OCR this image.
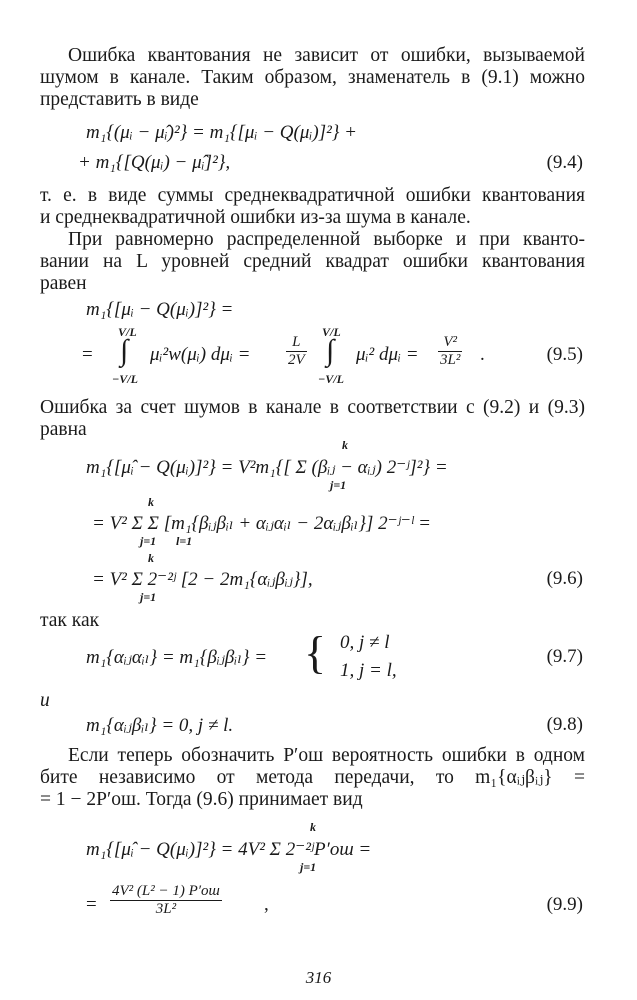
Ошибка квантования не зависит от ошибки, вызываемой
шумом в канале. Таким образом, знаменатель в (9.1) можно
представить в виде
m₁{(μᵢ − μ̂ᵢ)²} = m₁{[μᵢ − Q(μᵢ)]²} +
+ m₁{[Q(μᵢ) − μ̂ᵢ]²},	(9.4)
т. е. в виде суммы среднеквадратичной ошибки квантования
и среднеквадратичной ошибки из-за шума в канале.
При равномерно распределенной выборке и при кванто-
вании на L уровней средний квадрат ошибки квантования
равен
m₁{[μᵢ − Q(μᵢ)]²} =
V/L
= ∫ μᵢ²w(μᵢ) dμᵢ =
−V/L
$\frac{L}{2V}$
V/L
∫ μᵢ² dμᵢ =
−V/L
$\frac{\text{V²}}{\text{3L²}}$ .	(9.5)
Ошибка за счет шумов в канале в соответствии с (9.2) и (9.3)
равна
k
m₁{[μ̂ᵢ − Q(μᵢ)]²} = V²m₁{[ Σ (βᵢⱼ − αᵢⱼ) 2⁻ʲ]²} =
j=1
k
= V² Σ Σ [m₁{βᵢⱼβᵢₗ + αᵢⱼαᵢₗ − 2αᵢⱼβᵢₗ}] 2⁻ʲ⁻ˡ =
j=1 l=1
k
= V² Σ 2⁻²ʲ [2 − 2m₁{αᵢⱼβᵢⱼ}],
j=1
(9.6)
так как
m₁{αᵢⱼαᵢₗ} = m₁{βᵢⱼβᵢₗ} = { 0, j ≠ l
1, j = l,
(9.7)
и
m₁{αᵢⱼβᵢₗ} = 0, j ≠ l.	(9.8)
Если теперь обозначить P′ош вероятность ошибки в одном
бите независимо от метода передачи, то m₁{αᵢⱼβᵢⱼ} =
= 1 − 2P′ош. Тогда (9.6) принимает вид
k
m₁{[μ̂ᵢ − Q(μᵢ)]²} = 4V² Σ 2⁻²ʲP′ош =
j=1
= $\frac{\text{4V² (L² − 1) P′ош}}{\text{3L²}}$ ,	(9.9)
316
